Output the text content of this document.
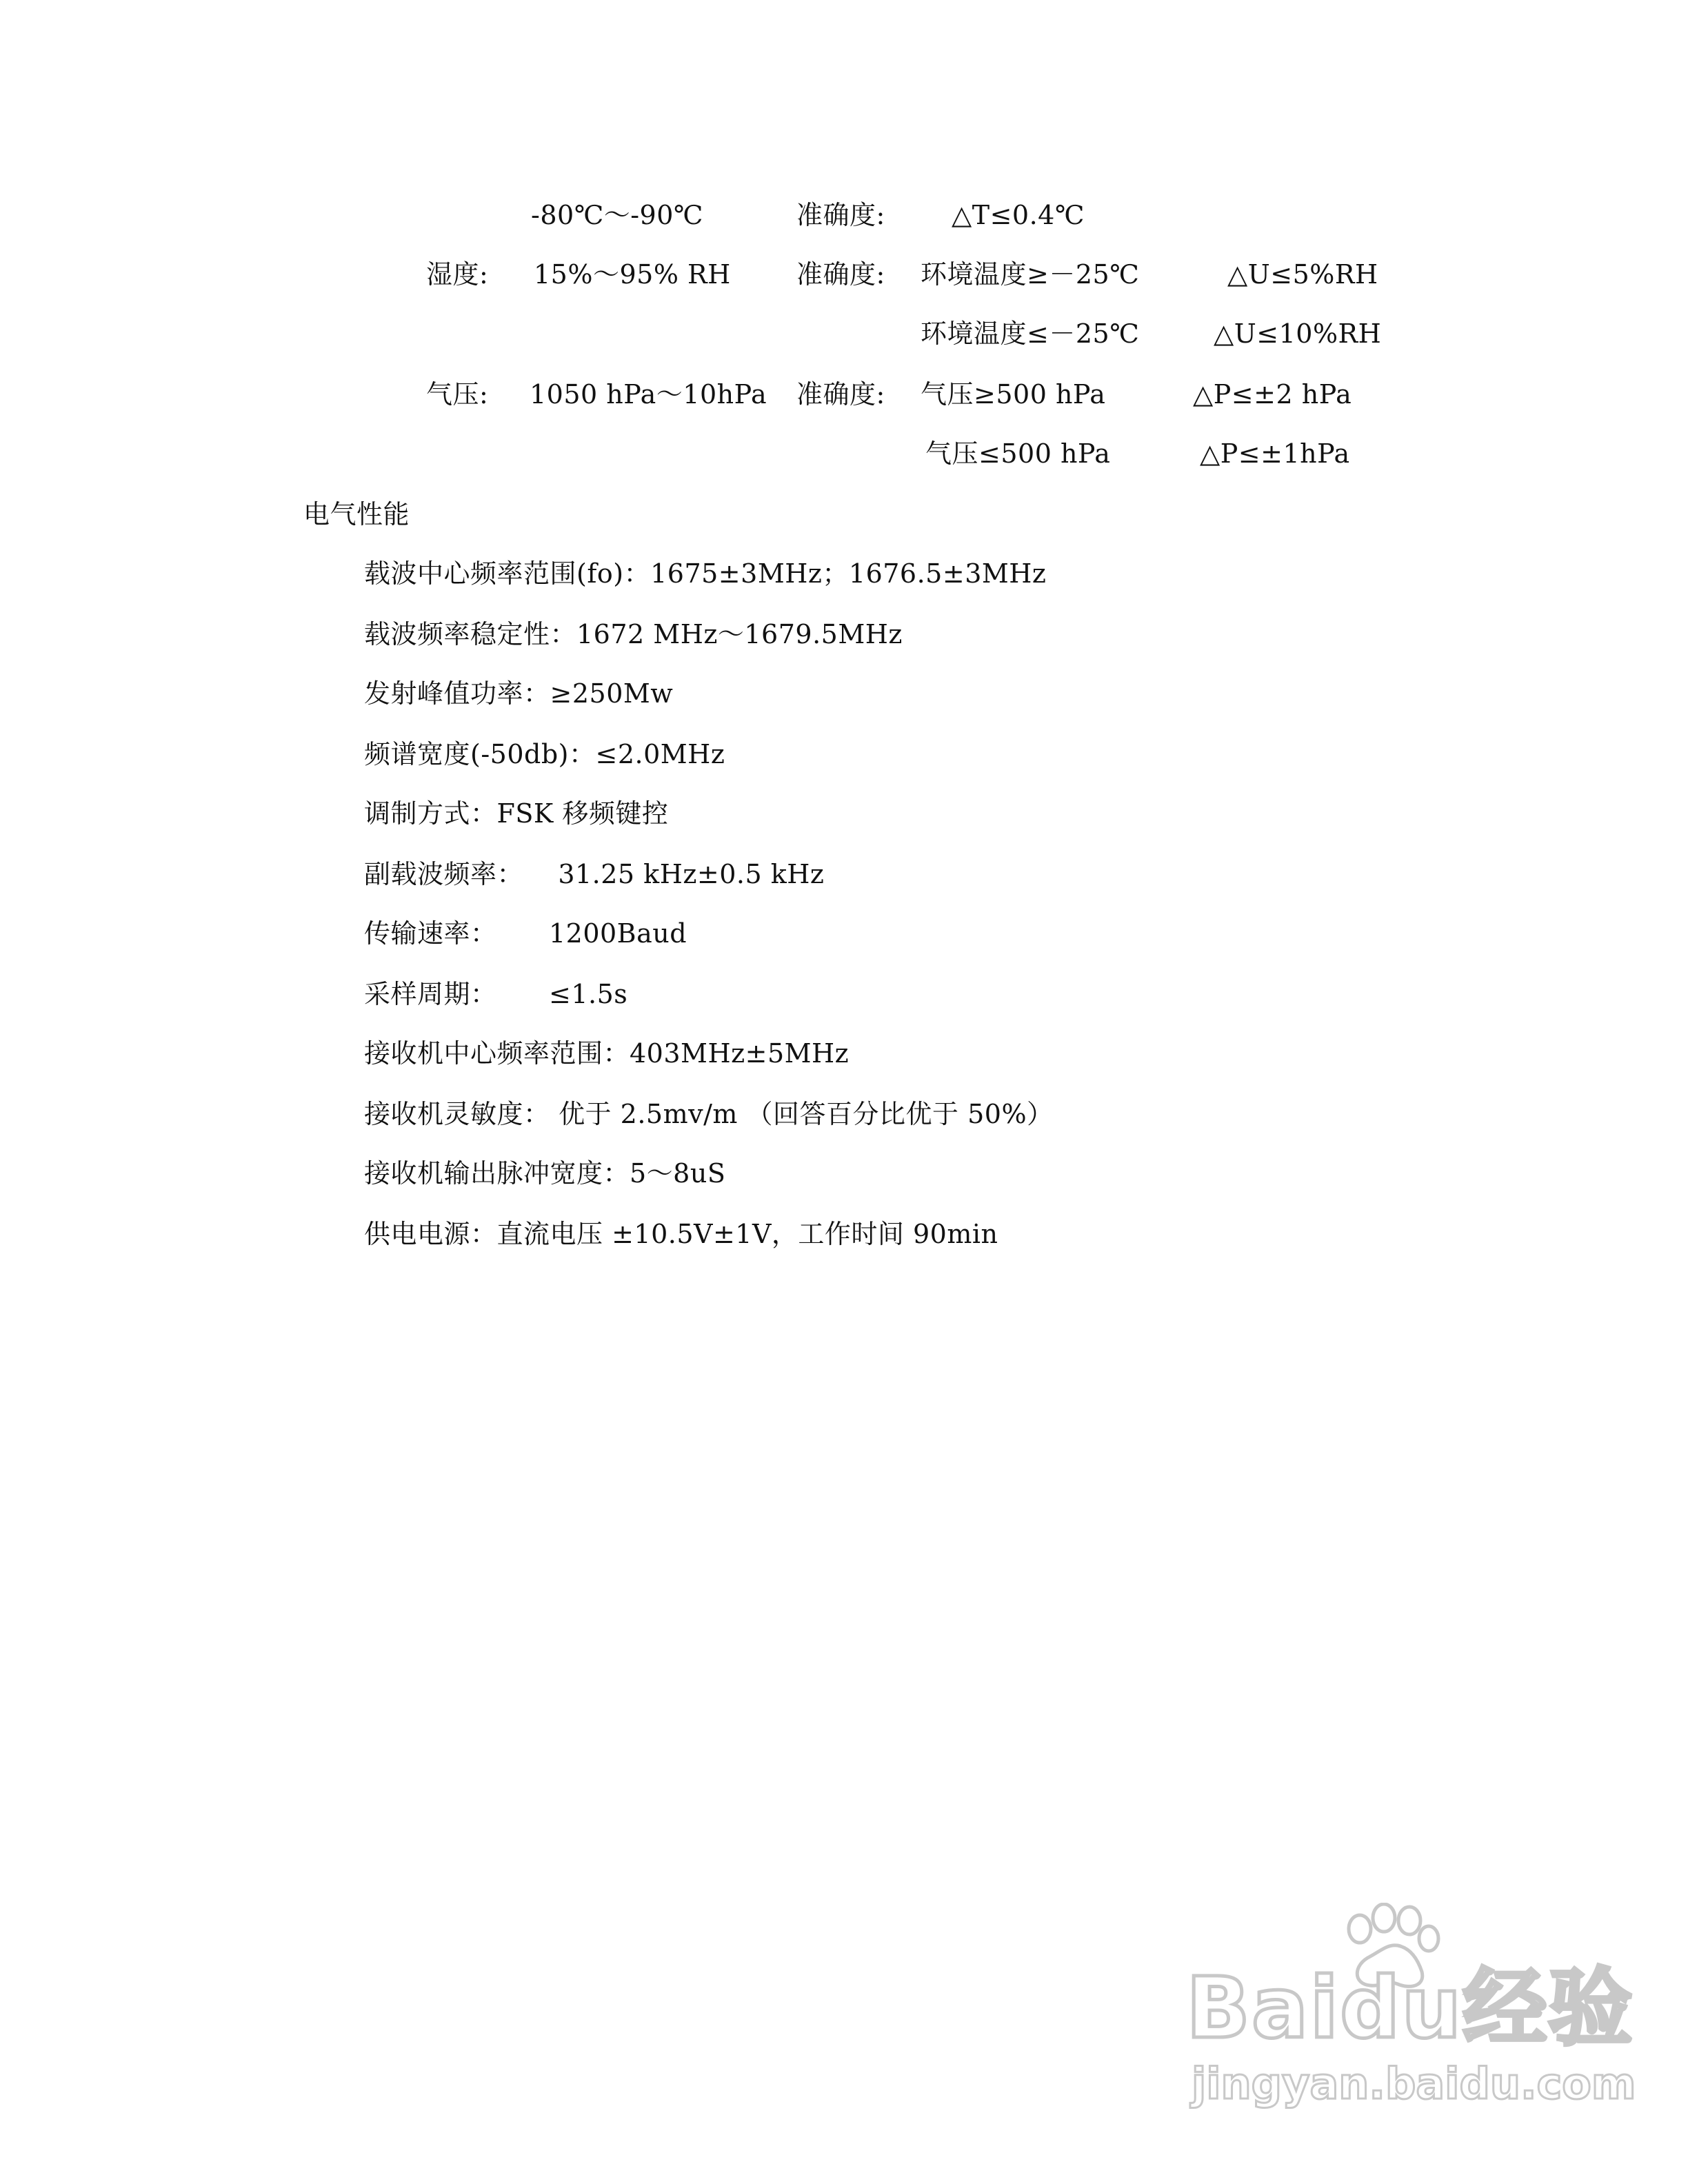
-80℃～-90℃	准确度:	△T≤0.4℃
湿度: 15%～95% RH	准确度: 环境温度≥－25℃	△U≤5%RH
环境温度≤－25℃	△U≤10%RH
气压: 1050 hPa～10hPa 准确度: 气压≥500 hPa	△P≤±2 hPa
气压≤500 hPa	△P≤±1hPa
电气性能
载波中心频率范围(fo)：1675±3MHz；1676.5±3MHz
载波频率稳定性：1672 MHz～1679.5MHz
发射峰值功率：≥250Mw
频谱宽度(-50db)：≤2.0MHz
调制方式：FSK 移频键控
副载波频率：    31.25 kHz±0.5 kHz
传输速率：      1200Baud
采样周期：      ≤1.5s
接收机中心频率范围：403MHz±5MHz
接收机灵敏度： 优于 2.5mv/m （回答百分比优于 50%）
接收机输出脉冲宽度：5～8uS
供电电源：直流电压 ±10.5V±1V，工作时间 90min
Baidu经验
jingyan.baidu.com
